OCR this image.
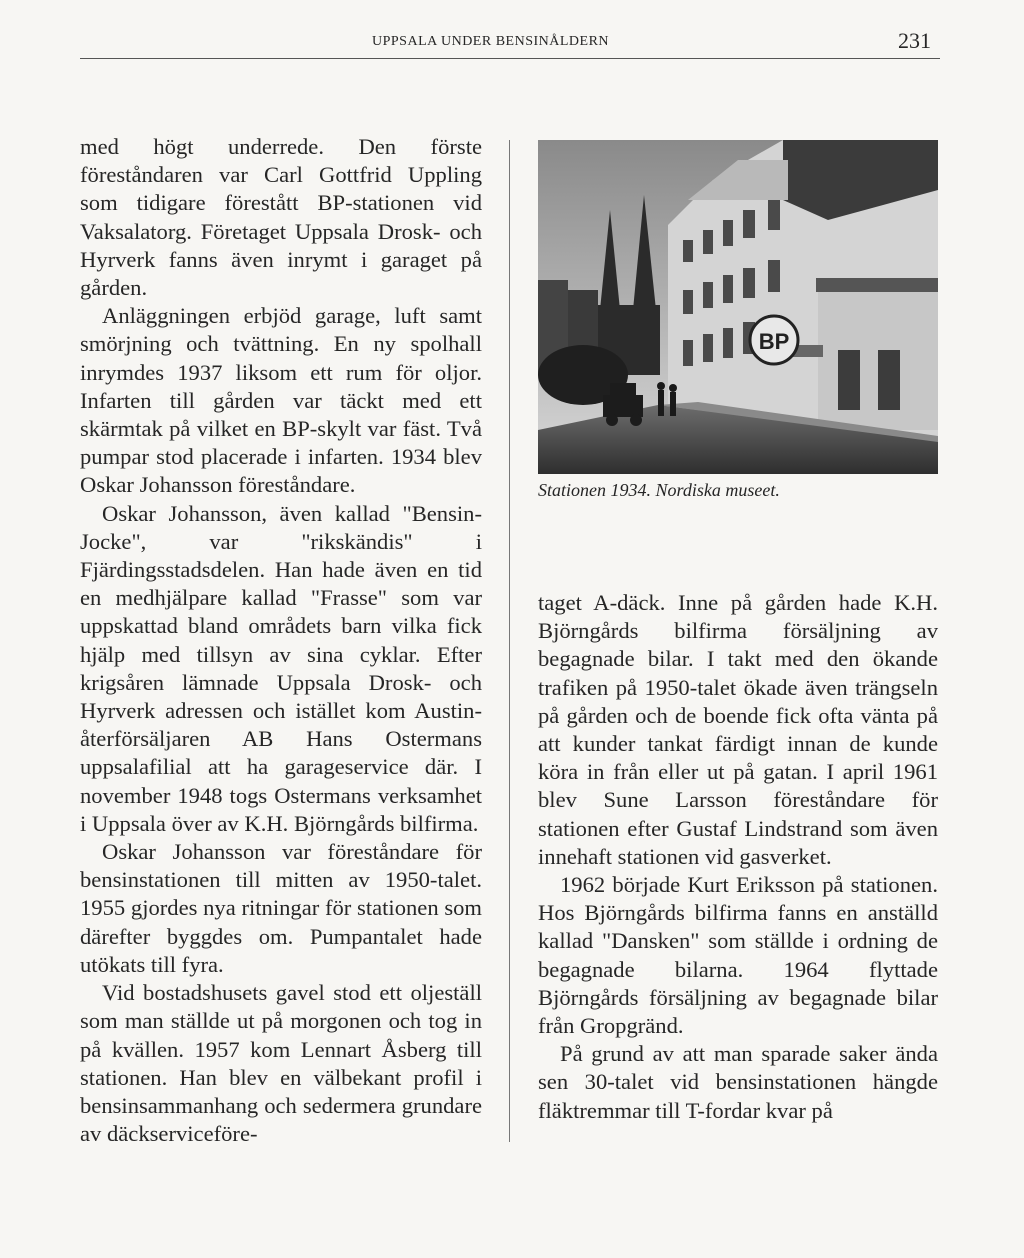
UPPSALA UNDER BENSINÅLDERN	231

med högt underrede. Den förste föreståndaren var Carl Gottfrid Uppling som tidigare förestått BP-stationen vid Vaksalatorg. Företaget Uppsala Drosk- och Hyrverk fanns även inrymt i garaget på gården.

Anläggningen erbjöd garage, luft samt smörjning och tvättning. En ny spolhall inrymdes 1937 liksom ett rum för oljor. Infarten till gården var täckt med ett skärmtak på vilket en BP-skylt var fäst. Två pumpar stod placerade i infarten. 1934 blev Oskar Johansson föreståndare.

Oskar Johansson, även kallad "Bensin-Jocke", var "rikskändis" i Fjärdingsstadsdelen. Han hade även en tid en medhjälpare kallad "Frasse" som var uppskattad bland områdets barn vilka fick hjälp med tillsyn av sina cyklar. Efter krigsåren lämnade Uppsala Drosk- och Hyrverk adressen och istället kom Austin-återförsäljaren AB Hans Ostermans uppsalafilial att ha garageservice där. I november 1948 togs Ostermans verksamhet i Uppsala över av K.H. Björngårds bilfirma.

Oskar Johansson var föreståndare för bensinstationen till mitten av 1950-talet. 1955 gjordes nya ritningar för stationen som därefter byggdes om. Pumpantalet hade utökats till fyra.

Vid bostadshusets gavel stod ett oljeställ som man ställde ut på morgonen och tog in på kvällen. 1957 kom Lennart Åsberg till stationen. Han blev en välbekant profil i bensinsammanhang och sedermera grundare av däckserviceföre-

BP
Stationen 1934. Nordiska museet.

taget A-däck. Inne på gården hade K.H. Björngårds bilfirma försäljning av begagnade bilar. I takt med den ökande trafiken på 1950-talet ökade även trängseln på gården och de boende fick ofta vänta på att kunder tankat färdigt innan de kunde köra in från eller ut på gatan. I april 1961 blev Sune Larsson föreståndare för stationen efter Gustaf Lindstrand som även innehaft stationen vid gasverket.

1962 började Kurt Eriksson på stationen. Hos Björngårds bilfirma fanns en anställd kallad "Dansken" som ställde i ordning de begagnade bilarna. 1964 flyttade Björngårds försäljning av begagnade bilar från Gropgränd.

På grund av att man sparade saker ända sen 30-talet vid bensinstationen hängde fläktremmar till T-fordar kvar på
